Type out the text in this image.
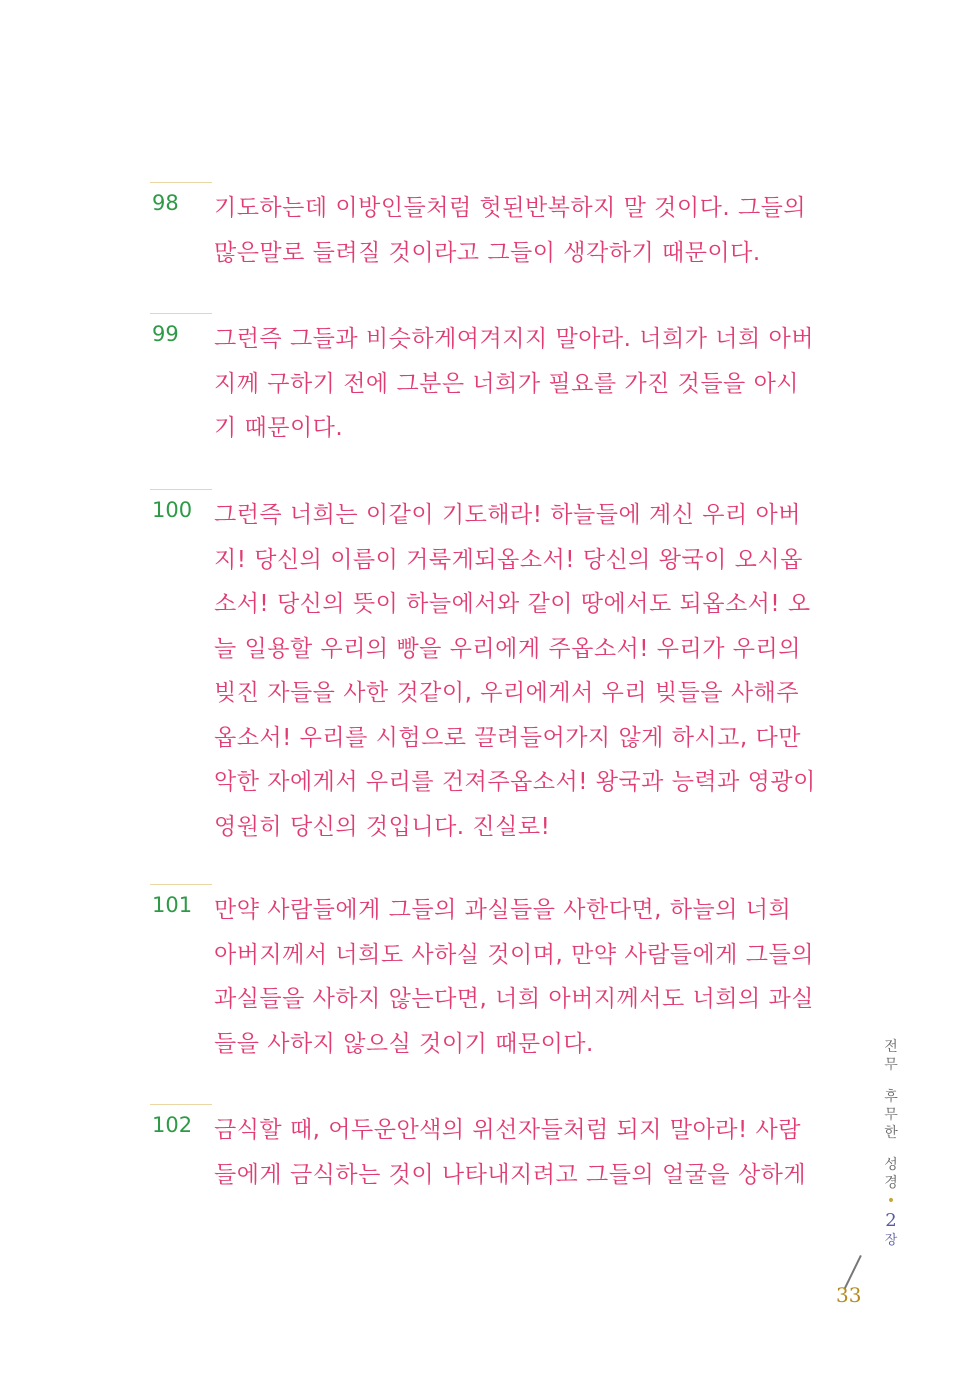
98 기도하는데 이방인들처럼 헛된반복하지 말 것이다. 그들의
많은말로 들려질 것이라고 그들이 생각하기 때문이다.
99 그런즉 그들과 비슷하게여겨지지 말아라. 너희가 너희 아버
지께 구하기 전에 그분은 너희가 필요를 가진 것들을 아시
기 때문이다.
100 그런즉 너희는 이같이 기도해라! 하늘들에 계신 우리 아버
지! 당신의 이름이 거룩게되옵소서! 당신의 왕국이 오시옵
소서! 당신의 뜻이 하늘에서와 같이 땅에서도 되옵소서! 오
늘 일용할 우리의 빵을 우리에게 주옵소서! 우리가 우리의
빚진 자들을 사한 것같이, 우리에게서 우리 빚들을 사해주
옵소서! 우리를 시험으로 끌려들어가지 않게 하시고, 다만
악한 자에게서 우리를 건져주옵소서! 왕국과 능력과 영광이
영원히 당신의 것입니다. 진실로!
101 만약 사람들에게 그들의 과실들을 사한다면, 하늘의 너희
아버지께서 너희도 사하실 것이며, 만약 사람들에게 그들의
과실들을 사하지 않는다면, 너희 아버지께서도 너희의 과실
들을 사하지 않으실 것이기 때문이다.
102 금식할 때, 어두운안색의 위선자들처럼 되지 말아라! 사람
들에게 금식하는 것이 나타내지려고 그들의 얼굴을 상하게
전
무
후
무
한
성
경
•
2
장
33
